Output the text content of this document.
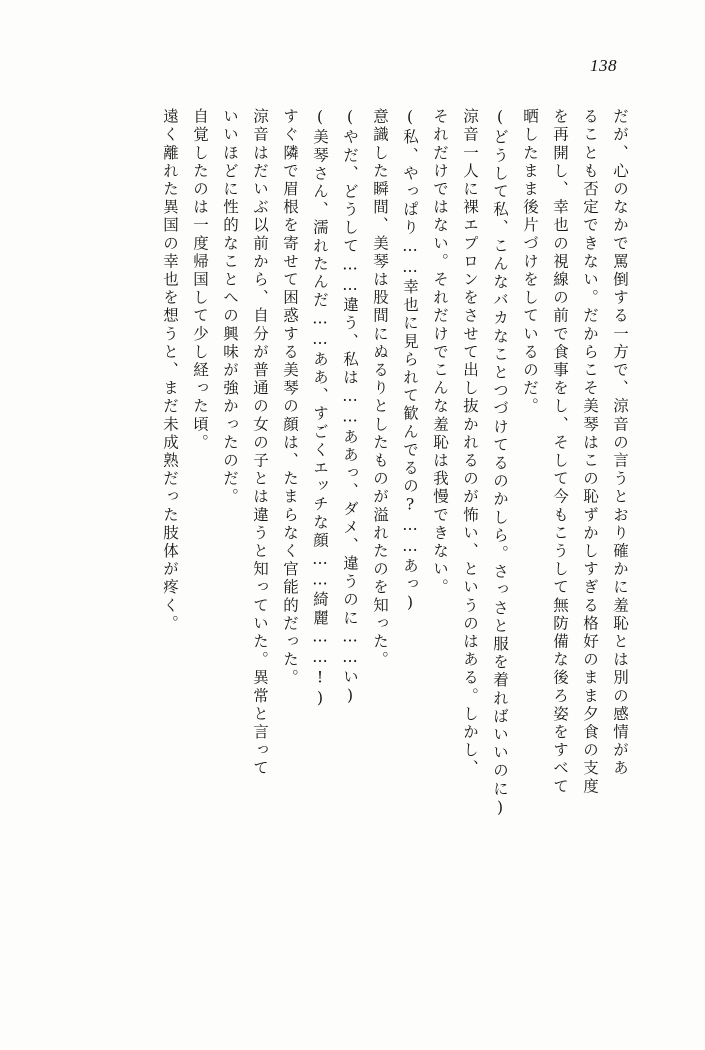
138
だが、心のなかで罵倒する一方で、涼音の言うとおり確かに羞恥とは別の感情があ
ることも否定できない。だからこそ美琴はこの恥ずかしすぎる格好のまま夕食の支度
を再開し、幸也の視線の前で食事をし、そして今もこうして無防備な後ろ姿をすべて
晒したまま後片づけをしているのだ。
(どうして私、こんなバカなことつづけてるのかしら。さっさと服を着ればいいのに)
涼音一人に裸エプロンをさせて出し抜かれるのが怖い、というのはある。しかし、
それだけではない。それだけでこんな羞恥は我慢できない。
(私、やっぱり……幸也に見られて歓んでるの?……あっ)
意識した瞬間、美琴は股間にぬるりとしたものが溢れたのを知った。
(やだ、どうして……違う、私は……ああっ、ダメ、違うのに……い)
(美琴さん、濡れたんだ……ああ、すごくエッチな顔……綺麗……!)
すぐ隣で眉根を寄せて困惑する美琴の顔は、たまらなく官能的だった。
涼音はだいぶ以前から、自分が普通の女の子とは違うと知っていた。異常と言って
いいほどに性的なことへの興味が強かったのだ。
自覚したのは一度帰国して少し経った頃。
遠く離れた異国の幸也を想うと、まだ未成熟だった肢体が疼く。
